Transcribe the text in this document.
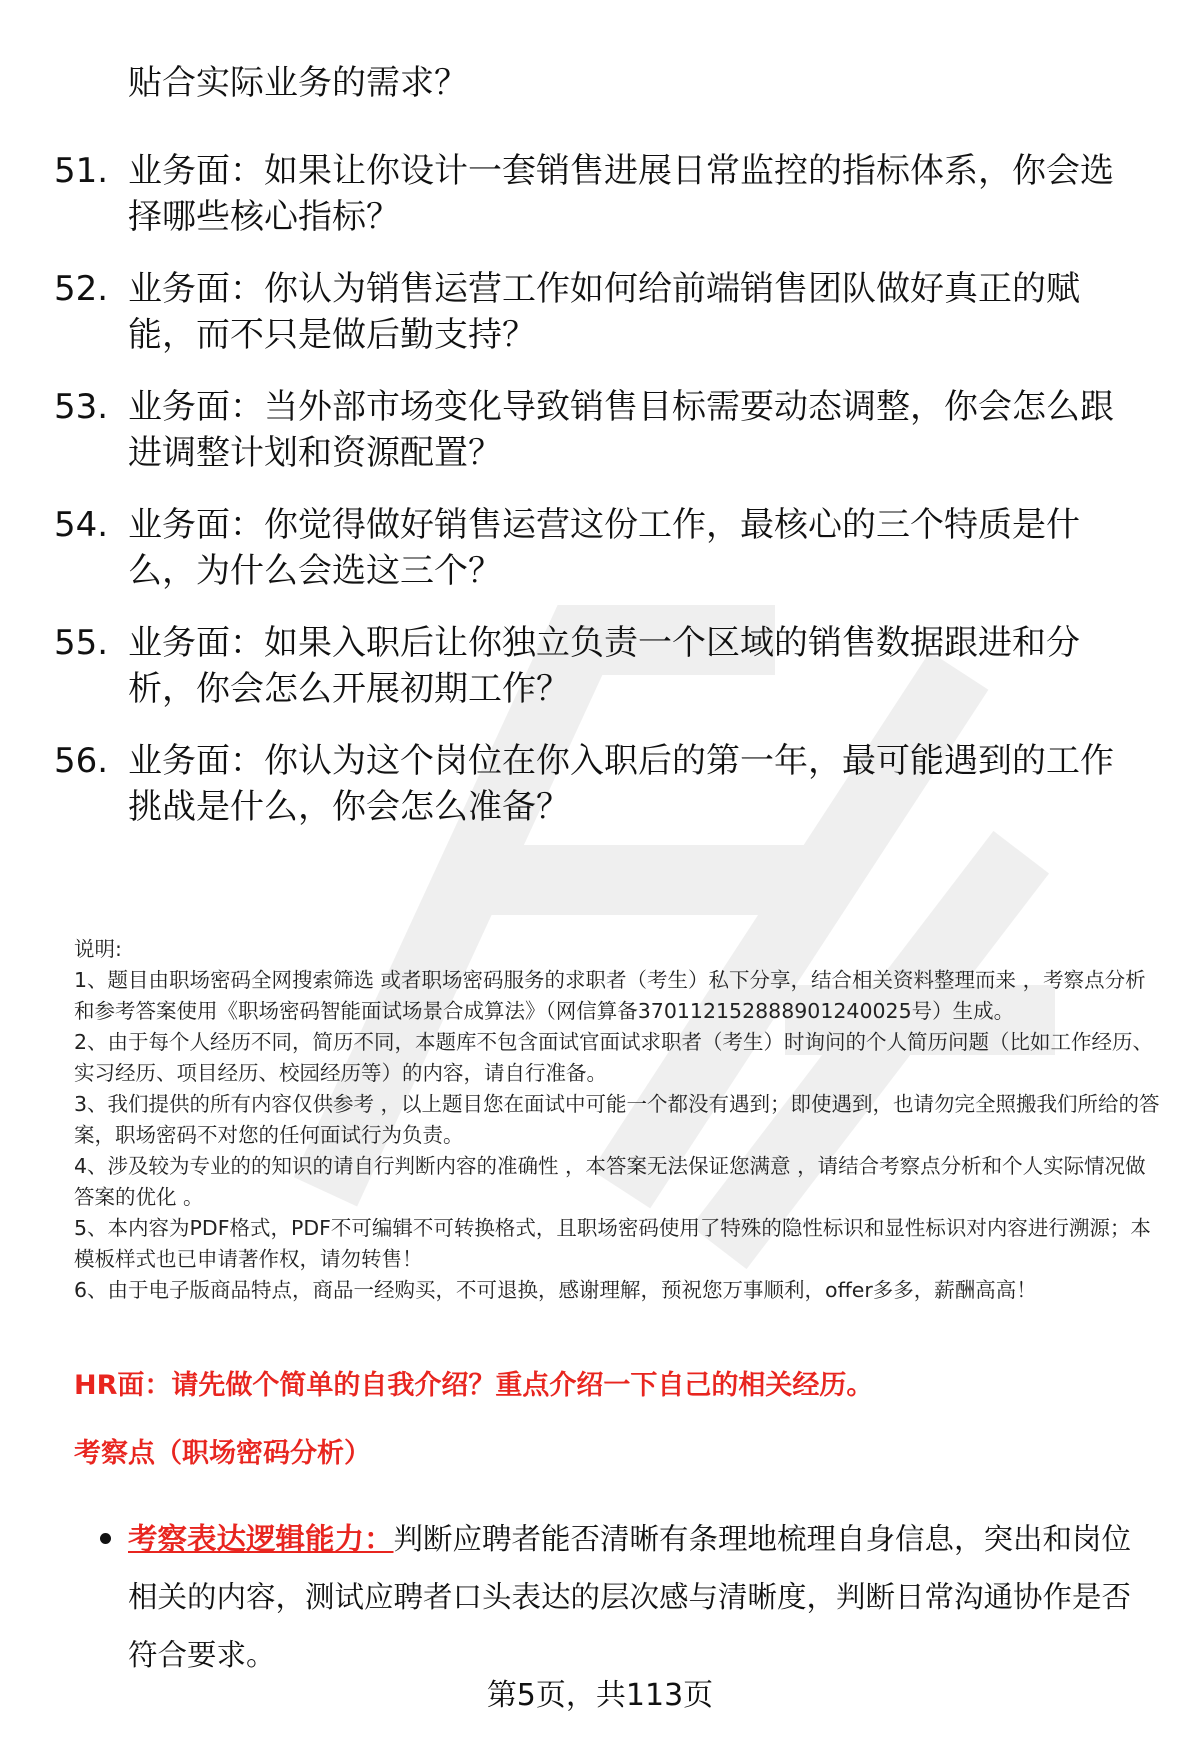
贴合实际业务的需求？
51. 业务面：如果让你设计一套销售进展日常监控的指标体系，你会选择哪些核心指标？
52. 业务面：你认为销售运营工作如何给前端销售团队做好真正的赋能，而不只是做后勤支持？
53. 业务面：当外部市场变化导致销售目标需要动态调整，你会怎么跟进调整计划和资源配置？
54. 业务面：你觉得做好销售运营这份工作，最核心的三个特质是什么，为什么会选这三个？
55. 业务面：如果入职后让你独立负责一个区域的销售数据跟进和分析，你会怎么开展初期工作？
56. 业务面：你认为这个岗位在你入职后的第一年，最可能遇到的工作挑战是什么，你会怎么准备？

说明:

1、题目由职场密码全网搜索筛选 或者职场密码服务的求职者（考生）私下分享，结合相关资料整理而来 ，考察点分析和参考答案使用《职场密码智能面试场景合成算法》（网信算备370112152888901240025号）生成。

2、由于每个人经历不同，简历不同，本题库不包含面试官面试求职者（考生）时询问的个人简历问题（比如工作经历、实习经历、项目经历、校园经历等）的内容，请自行准备。

3、我们提供的所有内容仅供参考 ，以上题目您在面试中可能一个都没有遇到；即使遇到，也请勿完全照搬我们所给的答案，职场密码不对您的任何面试行为负责。

4、涉及较为专业的的知识的请自行判断内容的准确性 ，本答案无法保证您满意 ，请结合考察点分析和个人实际情况做答案的优化 。

5、本内容为PDF格式，PDF不可编辑不可转换格式，且职场密码使用了特殊的隐性标识和显性标识对内容进行溯源；本模板样式也已申请著作权，请勿转售！

6、由于电子版商品特点，商品一经购买，不可退换，感谢理解，预祝您万事顺利，offer多多，薪酬高高！

HR面：请先做个简单的自我介绍？重点介绍一下自己的相关经历。
考察点（职场密码分析）
考察表达逻辑能力：判断应聘者能否清晰有条理地梳理自身信息，突出和岗位相关的内容，测试应聘者口头表达的层次感与清晰度，判断日常沟通协作是否符合要求。
第5页，共113页
